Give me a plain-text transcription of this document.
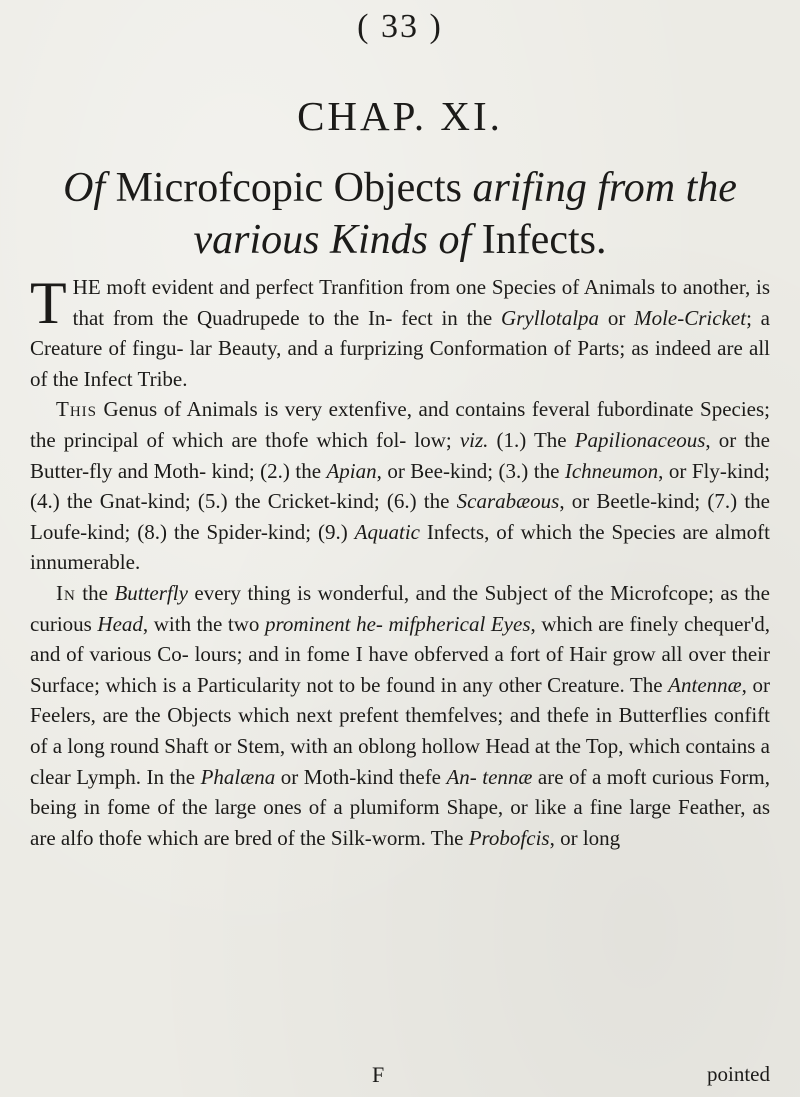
( 33 )
CHAP. XI.
Of Microfcopic Objects arifing from the
various Kinds of Infects.

THE moft evident and perfect Tranfition from one Species of Animals to another, is that from the Quadrupede to the In- fect in the Gryllotalpa or Mole-Cricket; a Creature of fingu- lar Beauty, and a furprizing Conformation of Parts; as indeed are all of the Infect Tribe.

This Genus of Animals is very extenfive, and contains feveral fubordinate Species; the principal of which are thofe which fol- low; viz. (1.) The Papilionaceous, or the Butter-fly and Moth- kind; (2.) the Apian, or Bee-kind; (3.) the Ichneumon, or Fly-kind; (4.) the Gnat-kind; (5.) the Cricket-kind; (6.) the Scarabæous, or Beetle-kind; (7.) the Loufe-kind; (8.) the Spider-kind; (9.) Aquatic Infects, of which the Species are almoft innumerable.

In the Butterfly every thing is wonderful, and the Subject of the Microfcope; as the curious Head, with the two prominent he- mifpherical Eyes, which are finely chequer'd, and of various Co- lours; and in fome I have obferved a fort of Hair grow all over their Surface; which is a Particularity not to be found in any other Creature. The Antennæ, or Feelers, are the Objects which next prefent themfelves; and thefe in Butterflies confift of a long round Shaft or Stem, with an oblong hollow Head at the Top, which contains a clear Lymph. In the Phalæna or Moth-kind thefe An- tennæ are of a moft curious Form, being in fome of the large ones of a plumiform Shape, or like a fine large Feather, as are alfo thofe which are bred of the Silk-worm. The Probofcis, or long

F	pointed
